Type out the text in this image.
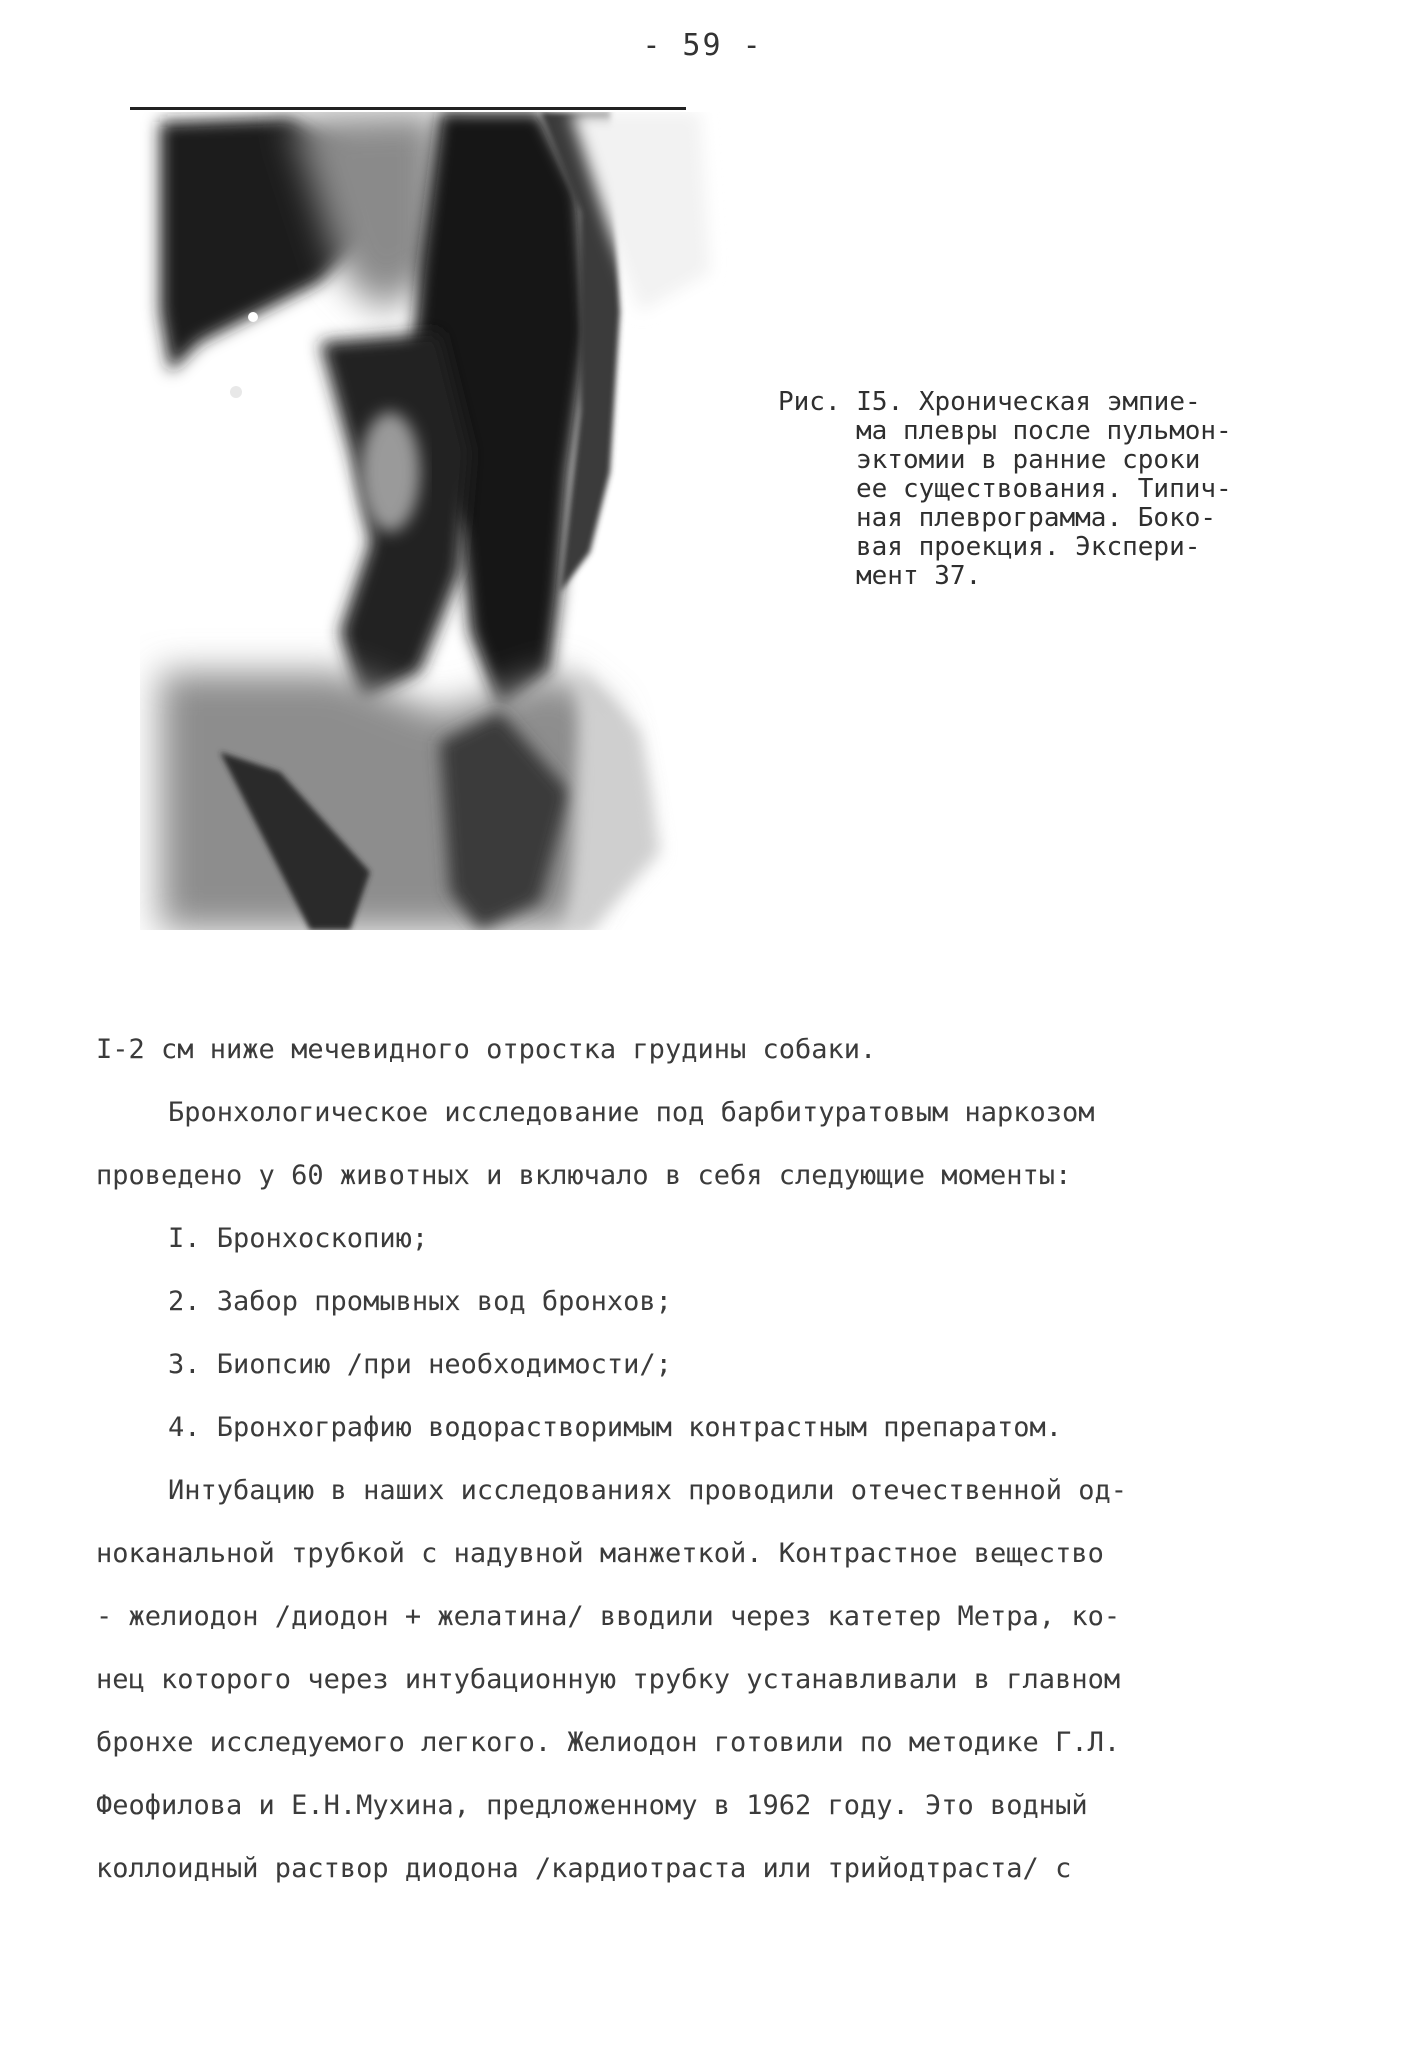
- 59 -
Рис. I5. Хроническая эмпие-
ма плевры после пульмон-
эктомии в ранние сроки
ее существования. Типич-
ная плеврограмма. Боко-
вая проекция. Экспери-
мент 37.
I-2 см ниже мечевидного отростка грудины собаки.
Бронхологическое исследование под барбитуратовым наркозом
проведено у 60 животных и включало в себя следующие моменты:
I. Бронхоскопию;
2. Забор промывных вод бронхов;
3. Биопсию /при необходимости/;
4. Бронхографию водорастворимым контрастным препаратом.
Интубацию в наших исследованиях проводили отечественной од-
ноканальной трубкой с надувной манжеткой. Контрастное вещество
- желиодон /диодон + желатина/ вводили через катетер Метра, ко-
нец которого через интубационную трубку устанавливали в главном
бронхе исследуемого легкого. Желиодон готовили по методике Г.Л.
Феофилова и Е.Н.Мухина, предложенному в 1962 году. Это водный
коллоидный раствор диодона /кардиотраста или трийодтраста/ с
